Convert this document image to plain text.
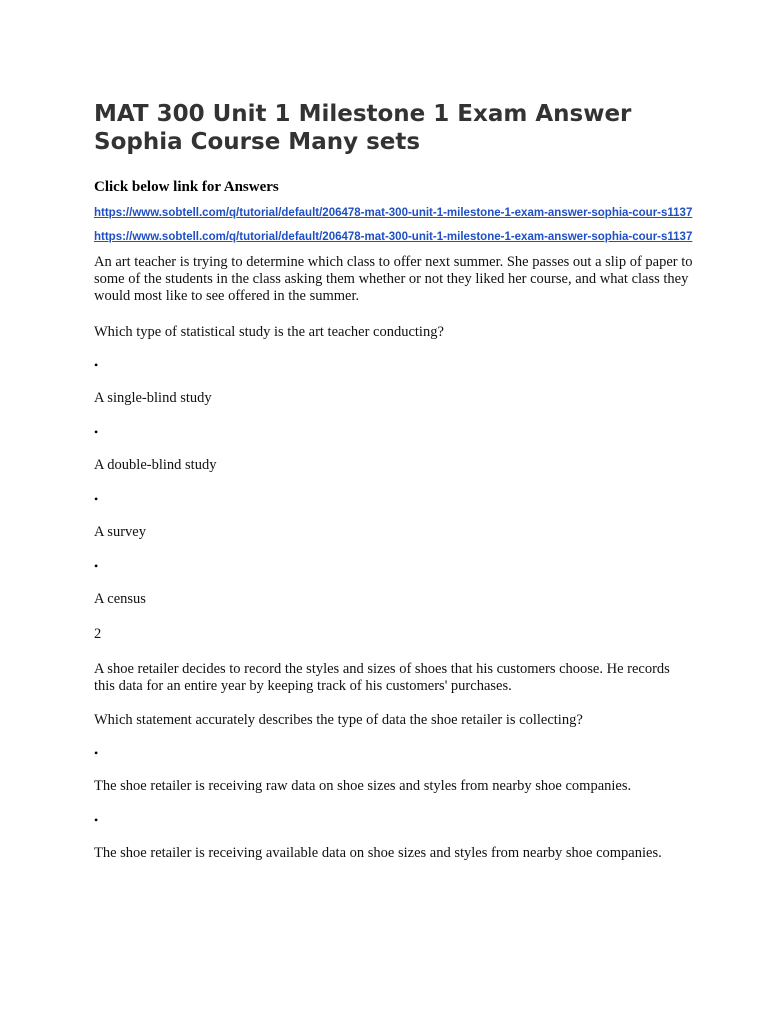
MAT 300 Unit 1 Milestone 1 Exam Answer Sophia Course Many sets
Click below link for Answers
https://www.sobtell.com/q/tutorial/default/206478-mat-300-unit-1-milestone-1-exam-answer-sophia-cour-s1137
https://www.sobtell.com/q/tutorial/default/206478-mat-300-unit-1-milestone-1-exam-answer-sophia-cour-s1137

An art teacher is trying to determine which class to offer next summer. She passes out a slip of paper to some of the students in the class asking them whether or not they liked her course, and what class they would most like to see offered in the summer.

Which type of statistical study is the art teacher conducting?

•

A single-blind study

•

A double-blind study

•

A survey

•

A census

2

A shoe retailer decides to record the styles and sizes of shoes that his customers choose. He records this data for an entire year by keeping track of his customers' purchases.

Which statement accurately describes the type of data the shoe retailer is collecting?

•

The shoe retailer is receiving raw data on shoe sizes and styles from nearby shoe companies.

•

The shoe retailer is receiving available data on shoe sizes and styles from nearby shoe companies.
